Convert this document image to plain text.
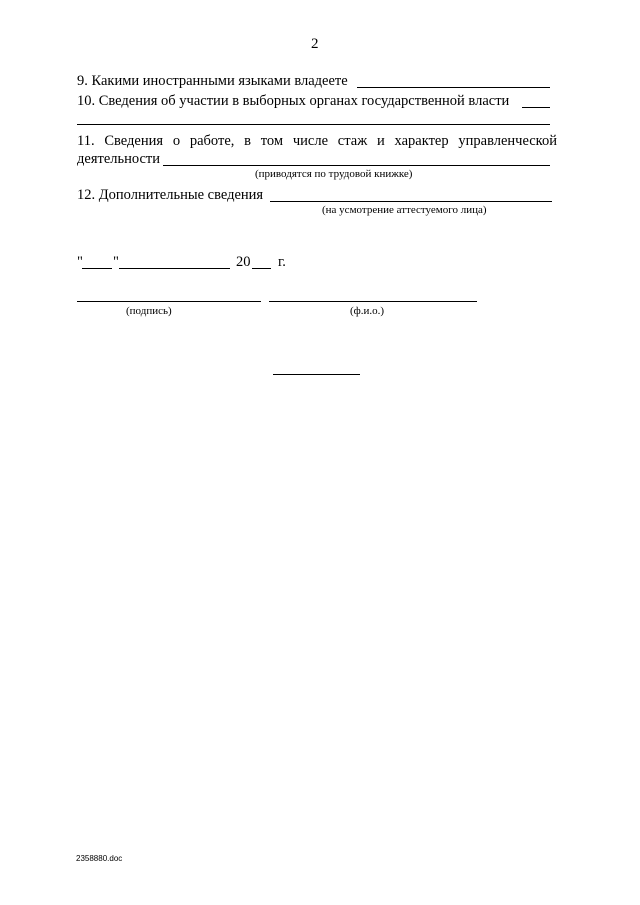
2
9. Какими иностранными языками владеете
10. Сведения об участии в выборных органах государственной власти
11. Сведения о работе, в том числе стаж и характер управленческой
деятельности
(приводятся по трудовой книжке)
12. Дополнительные сведения
(на усмотрение аттестуемого лица)
" "	20 г.
(подпись)	(ф.и.о.)
2358880.doc
